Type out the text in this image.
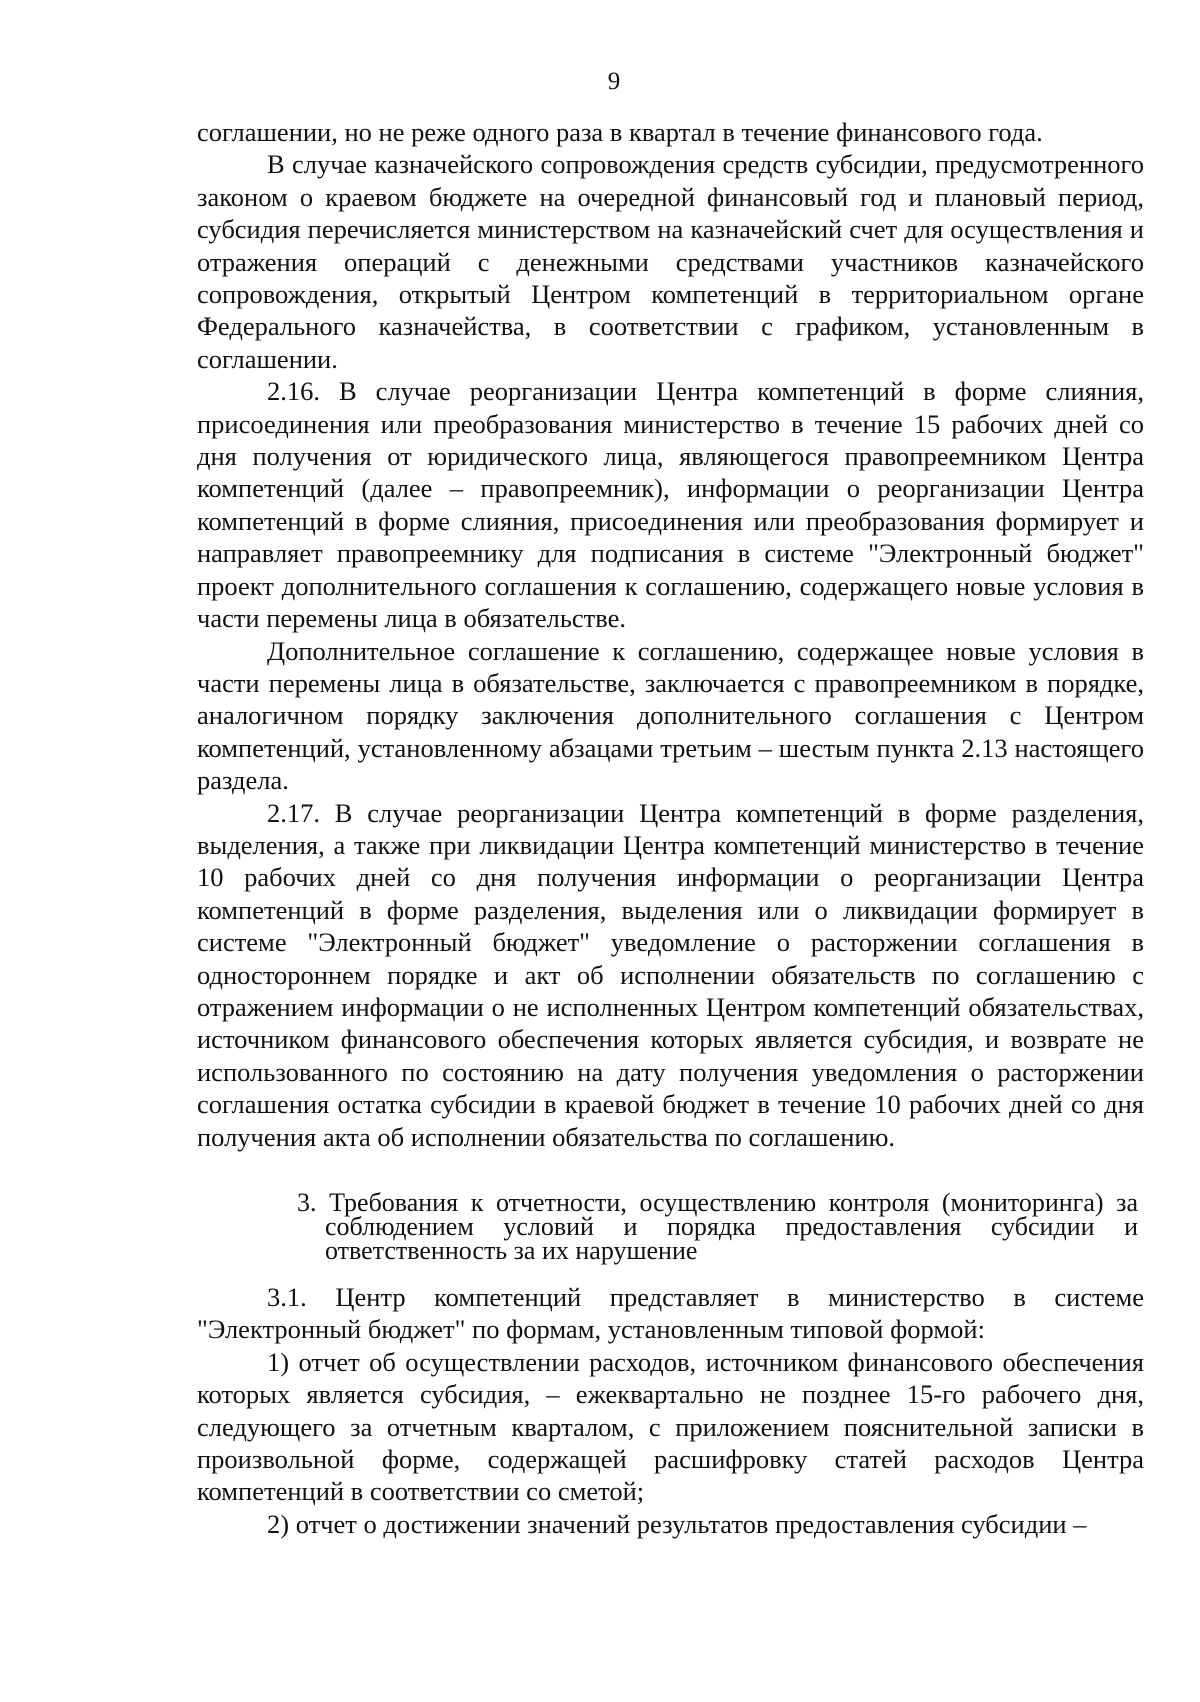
9

соглашении, но не реже одного раза в квартал в течение финансового года.

В случае казначейского сопровождения средств субсидии, предусмотренного законом о краевом бюджете на очередной финансовый год и плановый период, субсидия перечисляется министерством на казначейский счет для осуществления и отражения операций с денежными средствами участников казначейского сопровождения, открытый Центром компетенций в территориальном органе Федерального казначейства, в соответствии с графиком, установленным в соглашении.

2.16. В случае реорганизации Центра компетенций в форме слияния, присоединения или преобразования министерство в течение 15 рабочих дней со дня получения от юридического лица, являющегося правопреемником Центра компетенций (далее – правопреемник), информации о реорганизации Центра компетенций в форме слияния, присоединения или преобразования формирует и направляет правопреемнику для подписания в системе "Электронный бюджет" проект дополнительного соглашения к соглашению, содержащего новые условия в части перемены лица в обязательстве.

Дополнительное соглашение к соглашению, содержащее новые условия в части перемены лица в обязательстве, заключается с правопреемником в порядке, аналогичном порядку заключения дополнительного соглашения с Центром компетенций, установленному абзацами третьим – шестым пункта 2.13 настоящего раздела.

2.17. В случае реорганизации Центра компетенций в форме разделения, выделения, а также при ликвидации Центра компетенций министерство в течение 10 рабочих дней со дня получения информации о реорганизации Центра компетенций в форме разделения, выделения или о ликвидации формирует в системе "Электронный бюджет" уведомление о расторжении соглашения в одностороннем порядке и акт об исполнении обязательств по соглашению с отражением информации о не исполненных Центром компетенций обязательствах, источником финансового обеспечения которых является субсидия, и возврате не использованного по состоянию на дату получения уведомления о расторжении соглашения остатка субсидии в краевой бюджет в течение 10 рабочих дней со дня получения акта об исполнении обязательства по соглашению.

3. Требования к отчетности, осуществлению контроля (мониторинга) за
соблюдением условий и порядка предоставления субсидии и
ответственность за их нарушение

3.1. Центр компетенций представляет в министерство в системе "Электронный бюджет" по формам, установленным типовой формой:

1) отчет об осуществлении расходов, источником финансового обеспечения которых является субсидия, – ежеквартально не позднее 15-го рабочего дня, следующего за отчетным кварталом, с приложением пояснительной записки в произвольной форме, содержащей расшифровку статей расходов Центра компетенций в соответствии со сметой;

2) отчет о достижении значений результатов предоставления субсидии –
